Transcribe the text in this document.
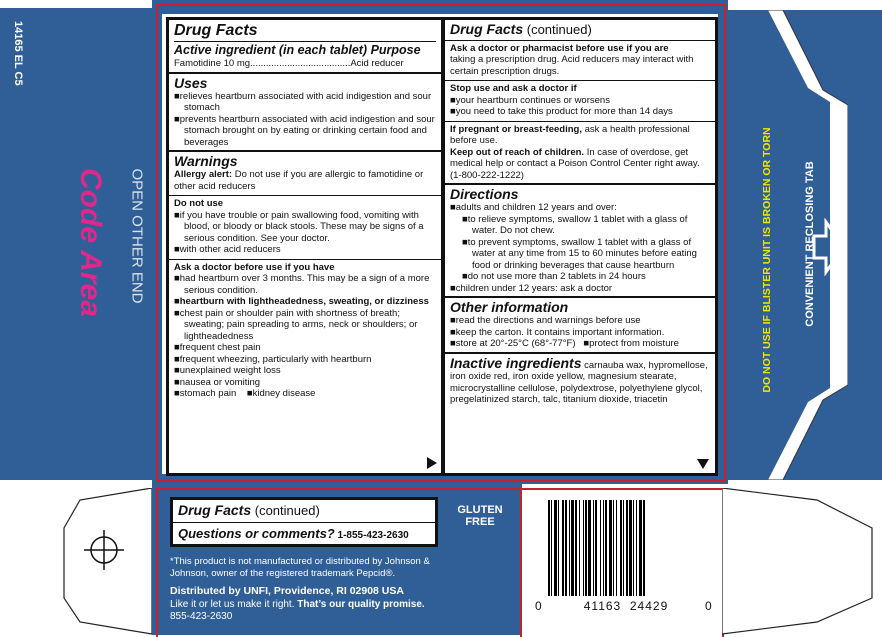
14165 EL C5
Code Area OPEN OTHER END	CONVENIENT RECLOSING TAB
DO NOT USE IF BLISTER UNIT IS BROKEN OR TORN
Drug Facts
Active ingredient (in each tablet) Purpose
Famotidine 10 mg......................................Acid reducer
Uses
■ relieves heartburn associated with acid indigestion and sour stomach
■ prevents heartburn associated with acid indigestion and sour stomach brought on by eating or drinking certain food and beverages
Warnings
Allergy alert: Do not use if you are allergic to famotidine or other acid reducers
Do not use
■ if you have trouble or pain swallowing food, vomiting with blood, or bloody or black stools. These may be signs of a serious condition. See your doctor.
■ with other acid reducers
Ask a doctor before use if you have
■ had heartburn over 3 months. This may be a sign of a more serious condition.
■ heartburn with lightheadedness, sweating, or dizziness
■ chest pain or shoulder pain with shortness of breath; sweating; pain spreading to arms, neck or shoulders; or lightheadedness
■ frequent chest pain
■ frequent wheezing, particularly with heartburn
■ unexplained weight loss
■ nausea or vomiting
■ stomach pain ■ kidney disease
Drug Facts (continued)
Ask a doctor or pharmacist before use if you are
taking a prescription drug. Acid reducers may interact with certain prescription drugs.
Stop use and ask a doctor if
■ your heartburn continues or worsens
■ you need to take this product for more than 14 days
If pregnant or breast-feeding, ask a health professional before use.
Keep out of reach of children. In case of overdose, get medical help or contact a Poison Control Center right away. (1-800-222-1222)
Directions
■ adults and children 12 years and over:
■ to relieve symptoms, swallow 1 tablet with a glass of water. Do not chew.
■ to prevent symptoms, swallow 1 tablet with a glass of water at any time from 15 to 60 minutes before eating food or drinking beverages that cause heartburn
■ do not use more than 2 tablets in 24 hours
■ children under 12 years: ask a doctor
Other information
■ read the directions and warnings before use
■ keep the carton. It contains important information.
■ store at 20°-25°C (68°-77°F) ■ protect from moisture
Inactive ingredients carnauba wax, hypromellose, iron oxide red, iron oxide yellow, magnesium stearate, microcrystalline cellulose, polydextrose, polyethylene glycol, pregelatinized starch, talc, titanium dioxide, triacetin
Drug Facts (continued)
Questions or comments? 1-855-423-2630
GLUTEN
FREE
*This product is not manufactured or distributed by Johnson & Johnson, owner of the registered trademark Pepcid®.
Distributed by UNFI, Providence, RI 02908 USA
Like it or let us make it right. That’s our quality promise.
855-423-2630
0	41163  24429	0
